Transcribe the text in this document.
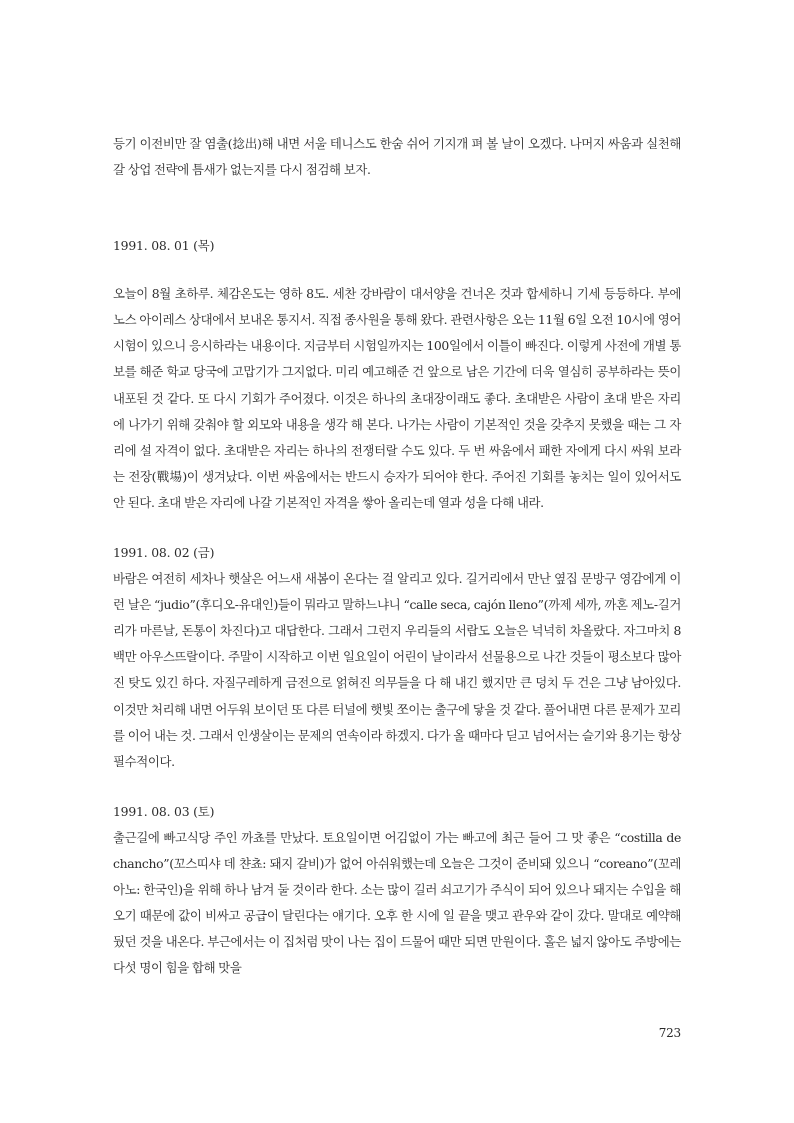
등기 이전비만 잘 염출(捻出)해 내면 서울 테니스도 한숨 쉬어 기지개 펴 볼 날이 오겠다. 나머지 싸움과 실천해 갈 상업 전략에 틈새가 없는지를 다시 점검해 보자.

1991. 08. 01 (목)

오늘이 8월 초하루. 체감온도는 영하 8도. 세찬 강바람이 대서양을 건너온 것과 합세하니 기세 등등하다. 부에노스 아이레스 상대에서 보내온 통지서. 직접 종사원을 통해 왔다. 관련사항은 오는 11월 6일 오전 10시에 영어시험이 있으니 응시하라는 내용이다. 지금부터 시험일까지는 100일에서 이틀이 빠진다. 이렇게 사전에 개별 통보를 해준 학교 당국에 고맙기가 그지없다. 미리 예고해준 건 앞으로 남은 기간에 더욱 열심히 공부하라는 뜻이 내포된 것 같다. 또 다시 기회가 주어졌다. 이것은 하나의 초대장이래도 좋다. 초대받은 사람이 초대 받은 자리에 나가기 위해 갖춰야 할 외모와 내용을 생각 해 본다. 나가는 사람이 기본적인 것을 갖추지 못했을 때는 그 자리에 설 자격이 없다. 초대받은 자리는 하나의 전쟁터랄 수도 있다. 두 번 싸움에서 패한 자에게 다시 싸워 보라는 전장(戰場)이 생겨났다. 이번 싸움에서는 반드시 승자가 되어야 한다. 주어진 기회를 놓치는 일이 있어서도 안 된다. 초대 받은 자리에 나갈 기본적인 자격을 쌓아 올리는데 열과 성을 다해 내라.

1991. 08. 02 (금)

바람은 여전히 세차나 햇살은 어느새 새봄이 온다는 걸 알리고 있다. 길거리에서 만난 옆집 문방구 영감에게 이런 날은 “judio”(후디오-유대인)들이 뭐라고 말하느냐니 “calle seca, cajón lleno”(까제 세까, 까혼 제노-길거리가 마른날, 돈통이 차진다)고 대답한다. 그래서 그런지 우리들의 서랍도 오늘은 넉넉히 차올랐다. 자그마치 8백만 아우스뜨랄이다. 주말이 시작하고 이번 일요일이 어린이 날이라서 선물용으로 나간 것들이 평소보다 많아 진 탓도 있긴 하다. 자질구레하게 금전으로 얽혀진 의무들을 다 해 내긴 했지만 큰 덩치 두 건은 그냥 남아있다. 이것만 처리해 내면 어두워 보이던 또 다른 터널에 햇빛 쪼이는 출구에 닿을 것 같다. 풀어내면 다른 문제가 꼬리를 이어 내는 것. 그래서 인생살이는 문제의 연속이라 하겠지. 다가 올 때마다 딛고 넘어서는 슬기와 용기는 항상 필수적이다.

1991. 08. 03 (토)

출근길에 빠고식당 주인 까쵸를 만났다. 토요일이면 어김없이 가는 빠고에 최근 들어 그 맛 좋은 “costilla de chancho”(꼬스띠샤 데 챤쵸: 돼지 갈비)가 없어 아쉬워했는데 오늘은 그것이 준비돼 있으니 “coreano”(꼬레아노: 한국인)을 위해 하나 남겨 둘 것이라 한다. 소는 많이 길러 쇠고기가 주식이 되어 있으나 돼지는 수입을 해 오기 때문에 값이 비싸고 공급이 달린다는 얘기다. 오후 한 시에 일 끝을 맺고 관우와 같이 갔다. 말대로 예약해 뒀던 것을 내온다. 부근에서는 이 집처럼 맛이 나는 집이 드물어 때만 되면 만원이다. 홀은 넓지 않아도 주방에는 다섯 명이 힘을 합해 맛을

723
